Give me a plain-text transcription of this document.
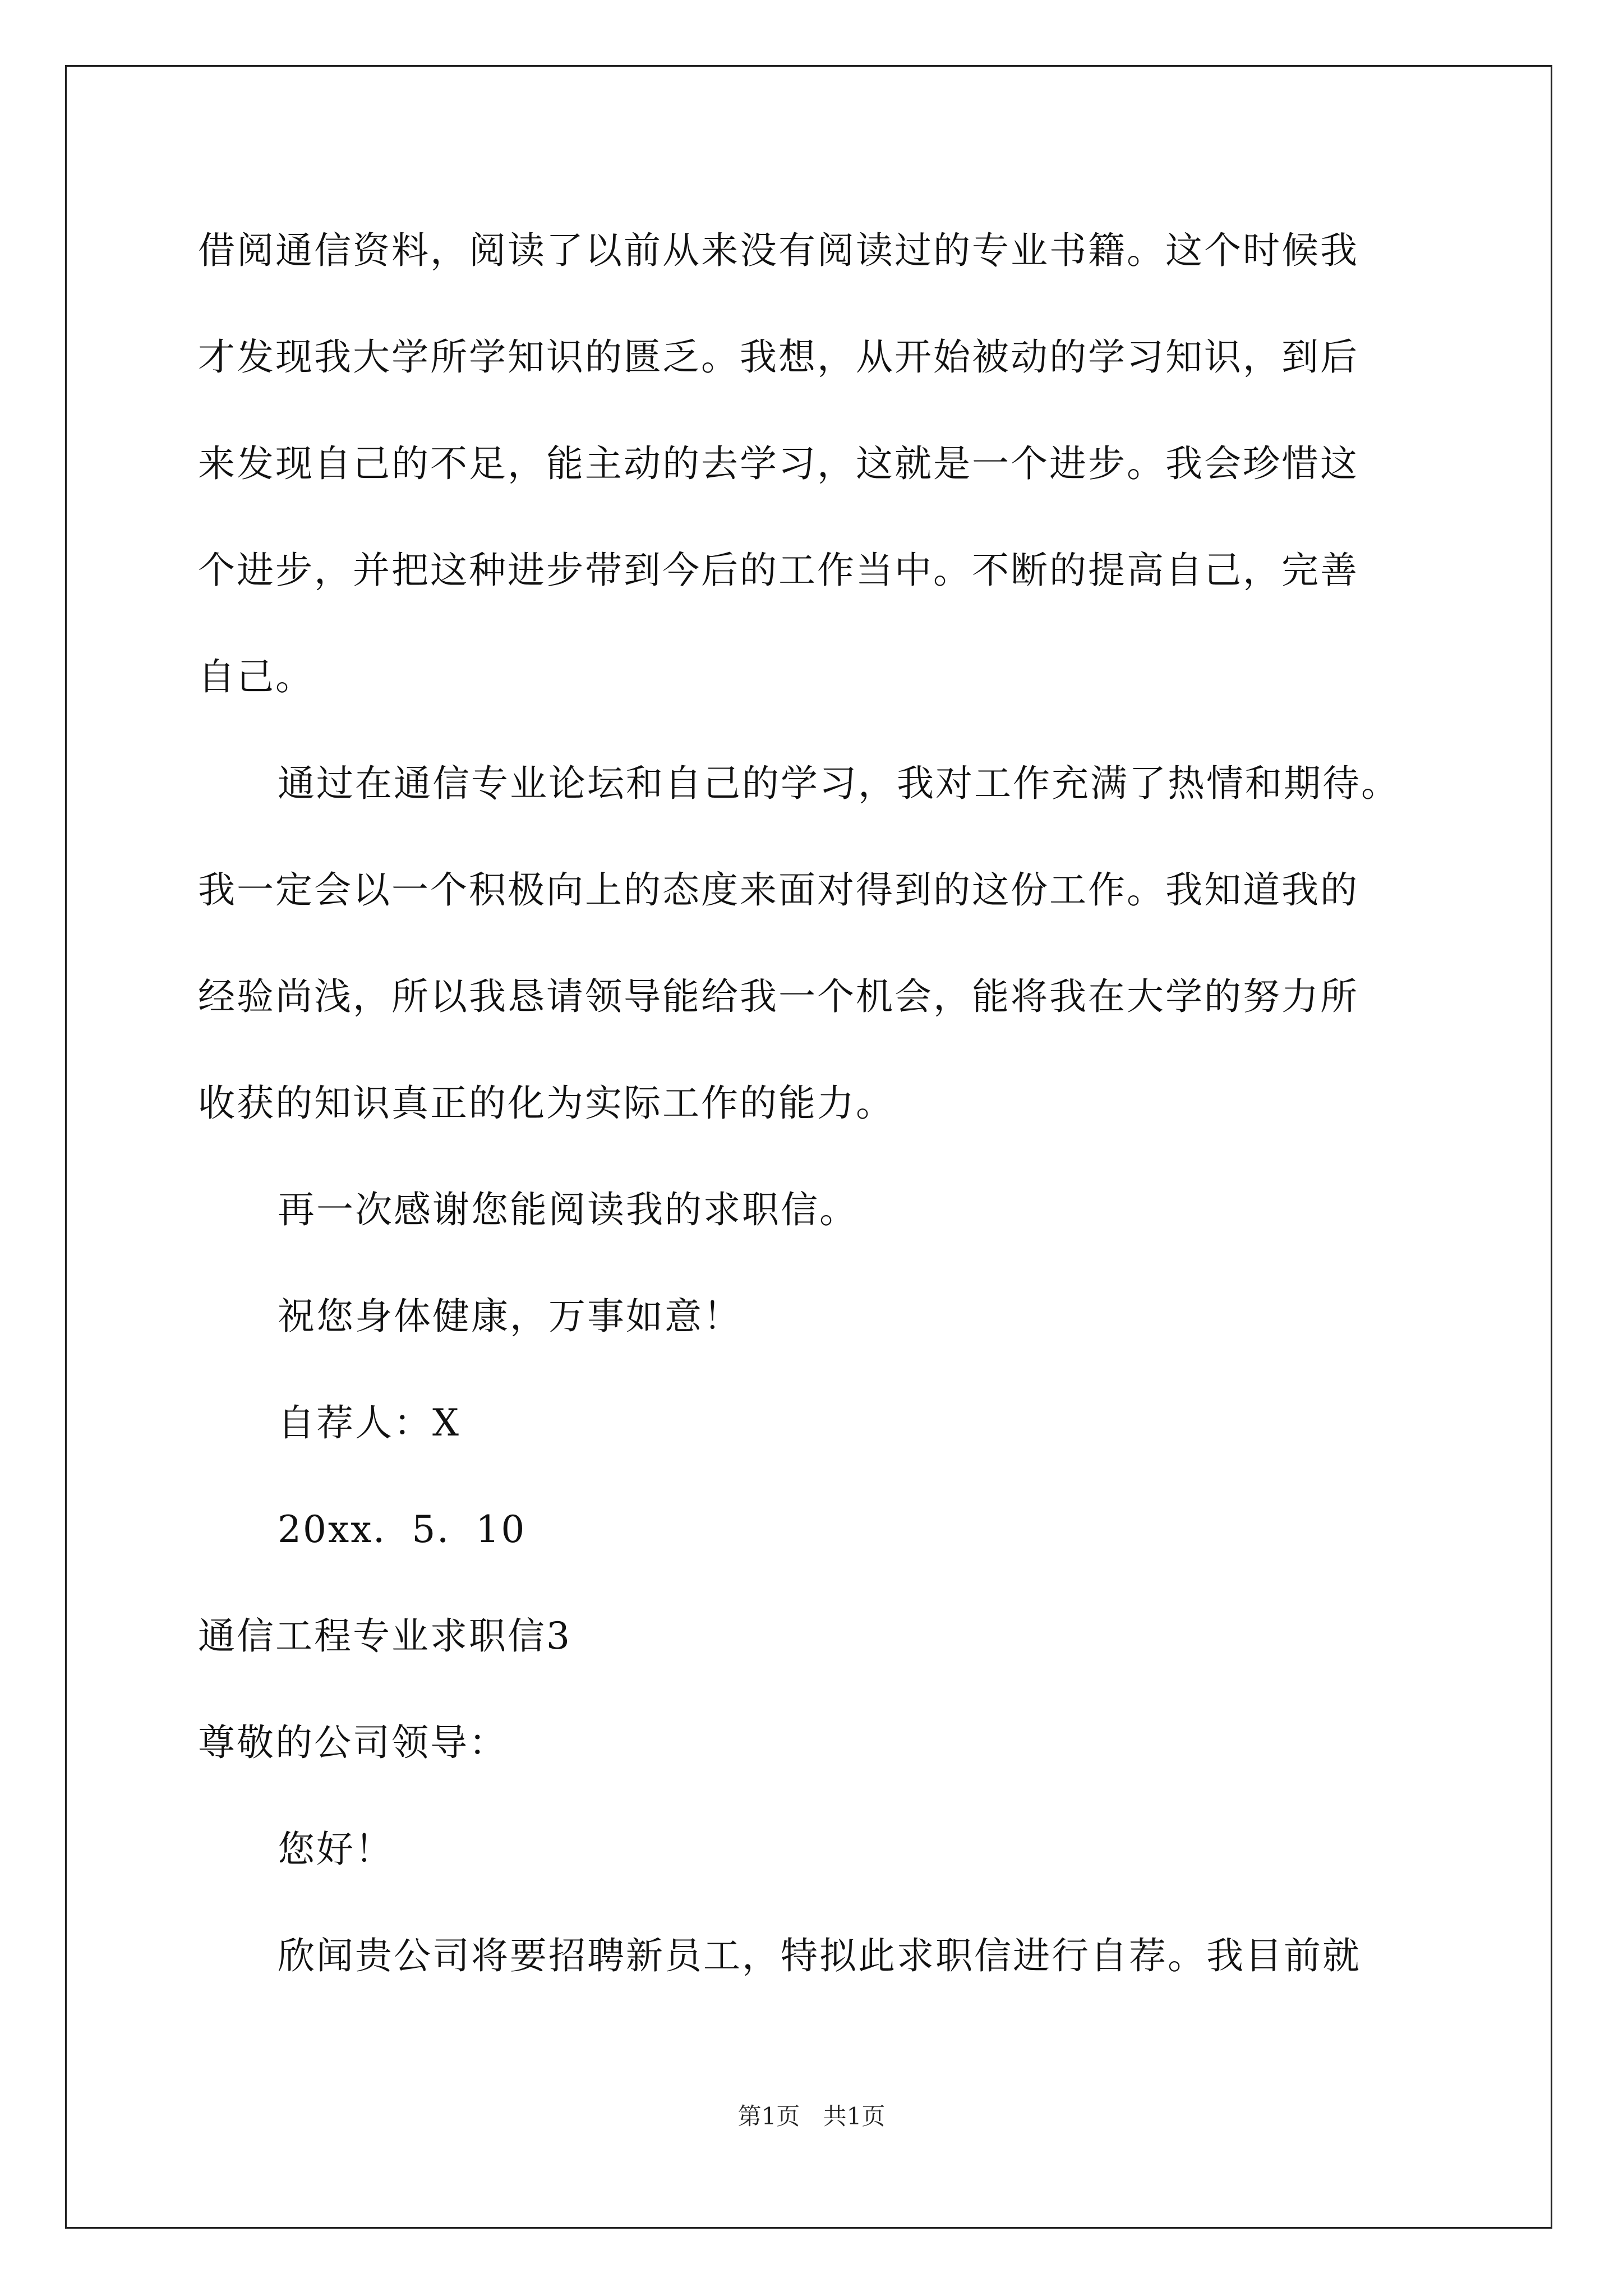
借阅通信资料，阅读了以前从来没有阅读过的专业书籍。这个时候我
才发现我大学所学知识的匮乏。我想，从开始被动的学习知识，到后
来发现自己的不足，能主动的去学习，这就是一个进步。我会珍惜这
个进步，并把这种进步带到今后的工作当中。不断的提高自己，完善
自己。
通过在通信专业论坛和自己的学习，我对工作充满了热情和期待。
我一定会以一个积极向上的态度来面对得到的这份工作。我知道我的
经验尚浅，所以我恳请领导能给我一个机会，能将我在大学的努力所
收获的知识真正的化为实际工作的能力。
再一次感谢您能阅读我的求职信。
祝您身体健康，万事如意！
自荐人：X
20xx．5．10
通信工程专业求职信3
尊敬的公司领导：
您好！
欣闻贵公司将要招聘新员工，特拟此求职信进行自荐。我目前就
第1页 共1页
